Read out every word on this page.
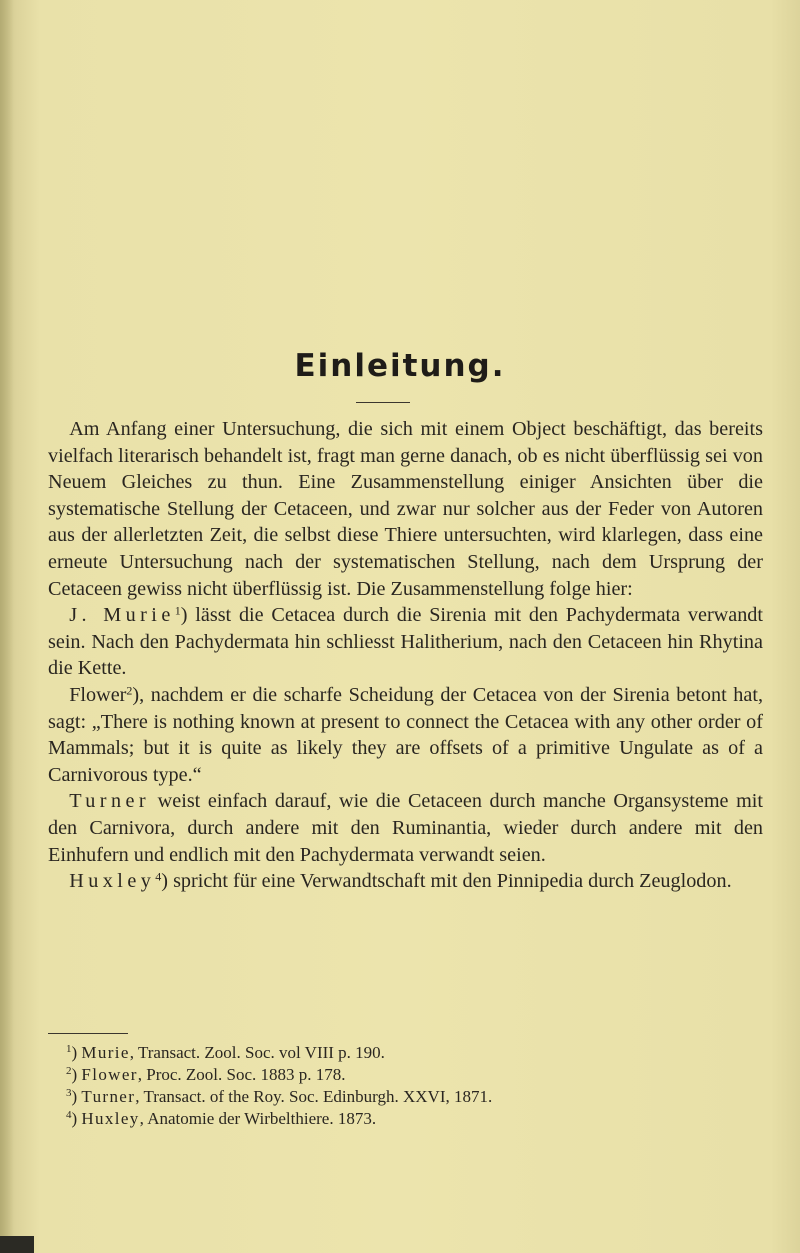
Einleitung.

Am Anfang einer Untersuchung, die sich mit einem Object beschäftigt, das bereits vielfach literarisch behandelt ist, fragt man gerne danach, ob es nicht überflüssig sei von Neuem Gleiches zu thun. Eine Zusammenstellung einiger Ansichten über die systematische Stellung der Cetaceen, und zwar nur solcher aus der Feder von Autoren aus der allerletzten Zeit, die selbst diese Thiere untersuchten, wird klarlegen, dass eine erneute Untersuchung nach der systematischen Stellung, nach dem Ursprung der Cetaceen gewiss nicht überflüssig ist. Die Zusammenstellung folge hier:

J. Murie$^1$) lässt die Cetacea durch die Sirenia mit den Pachydermata verwandt sein. Nach den Pachydermata hin schliesst Halitherium, nach den Cetaceen hin Rhytina die Kette.

Flower$^2$), nachdem er die scharfe Scheidung der Cetacea von der Sirenia betont hat, sagt: „There is nothing known at present to connect the Cetacea with any other order of Mammals; but it is quite as likely they are offsets of a primitive Ungulate as of a Carnivorous type.“

Turner weist einfach darauf, wie die Cetaceen durch manche Organsysteme mit den Carnivora, durch andere mit den Ruminantia, wieder durch andere mit den Einhufern und endlich mit den Pachydermata verwandt seien.

Huxley$^4$) spricht für eine Verwandtschaft mit den Pinnipedia durch Zeuglodon.

$^1$) Murie, Transact. Zool. Soc. vol VIII p. 190.
$^2$) Flower, Proc. Zool. Soc. 1883 p. 178.
$^3$) Turner, Transact. of the Roy. Soc. Edinburgh. XXVI, 1871.
$^4$) Huxley, Anatomie der Wirbelthiere. 1873.
